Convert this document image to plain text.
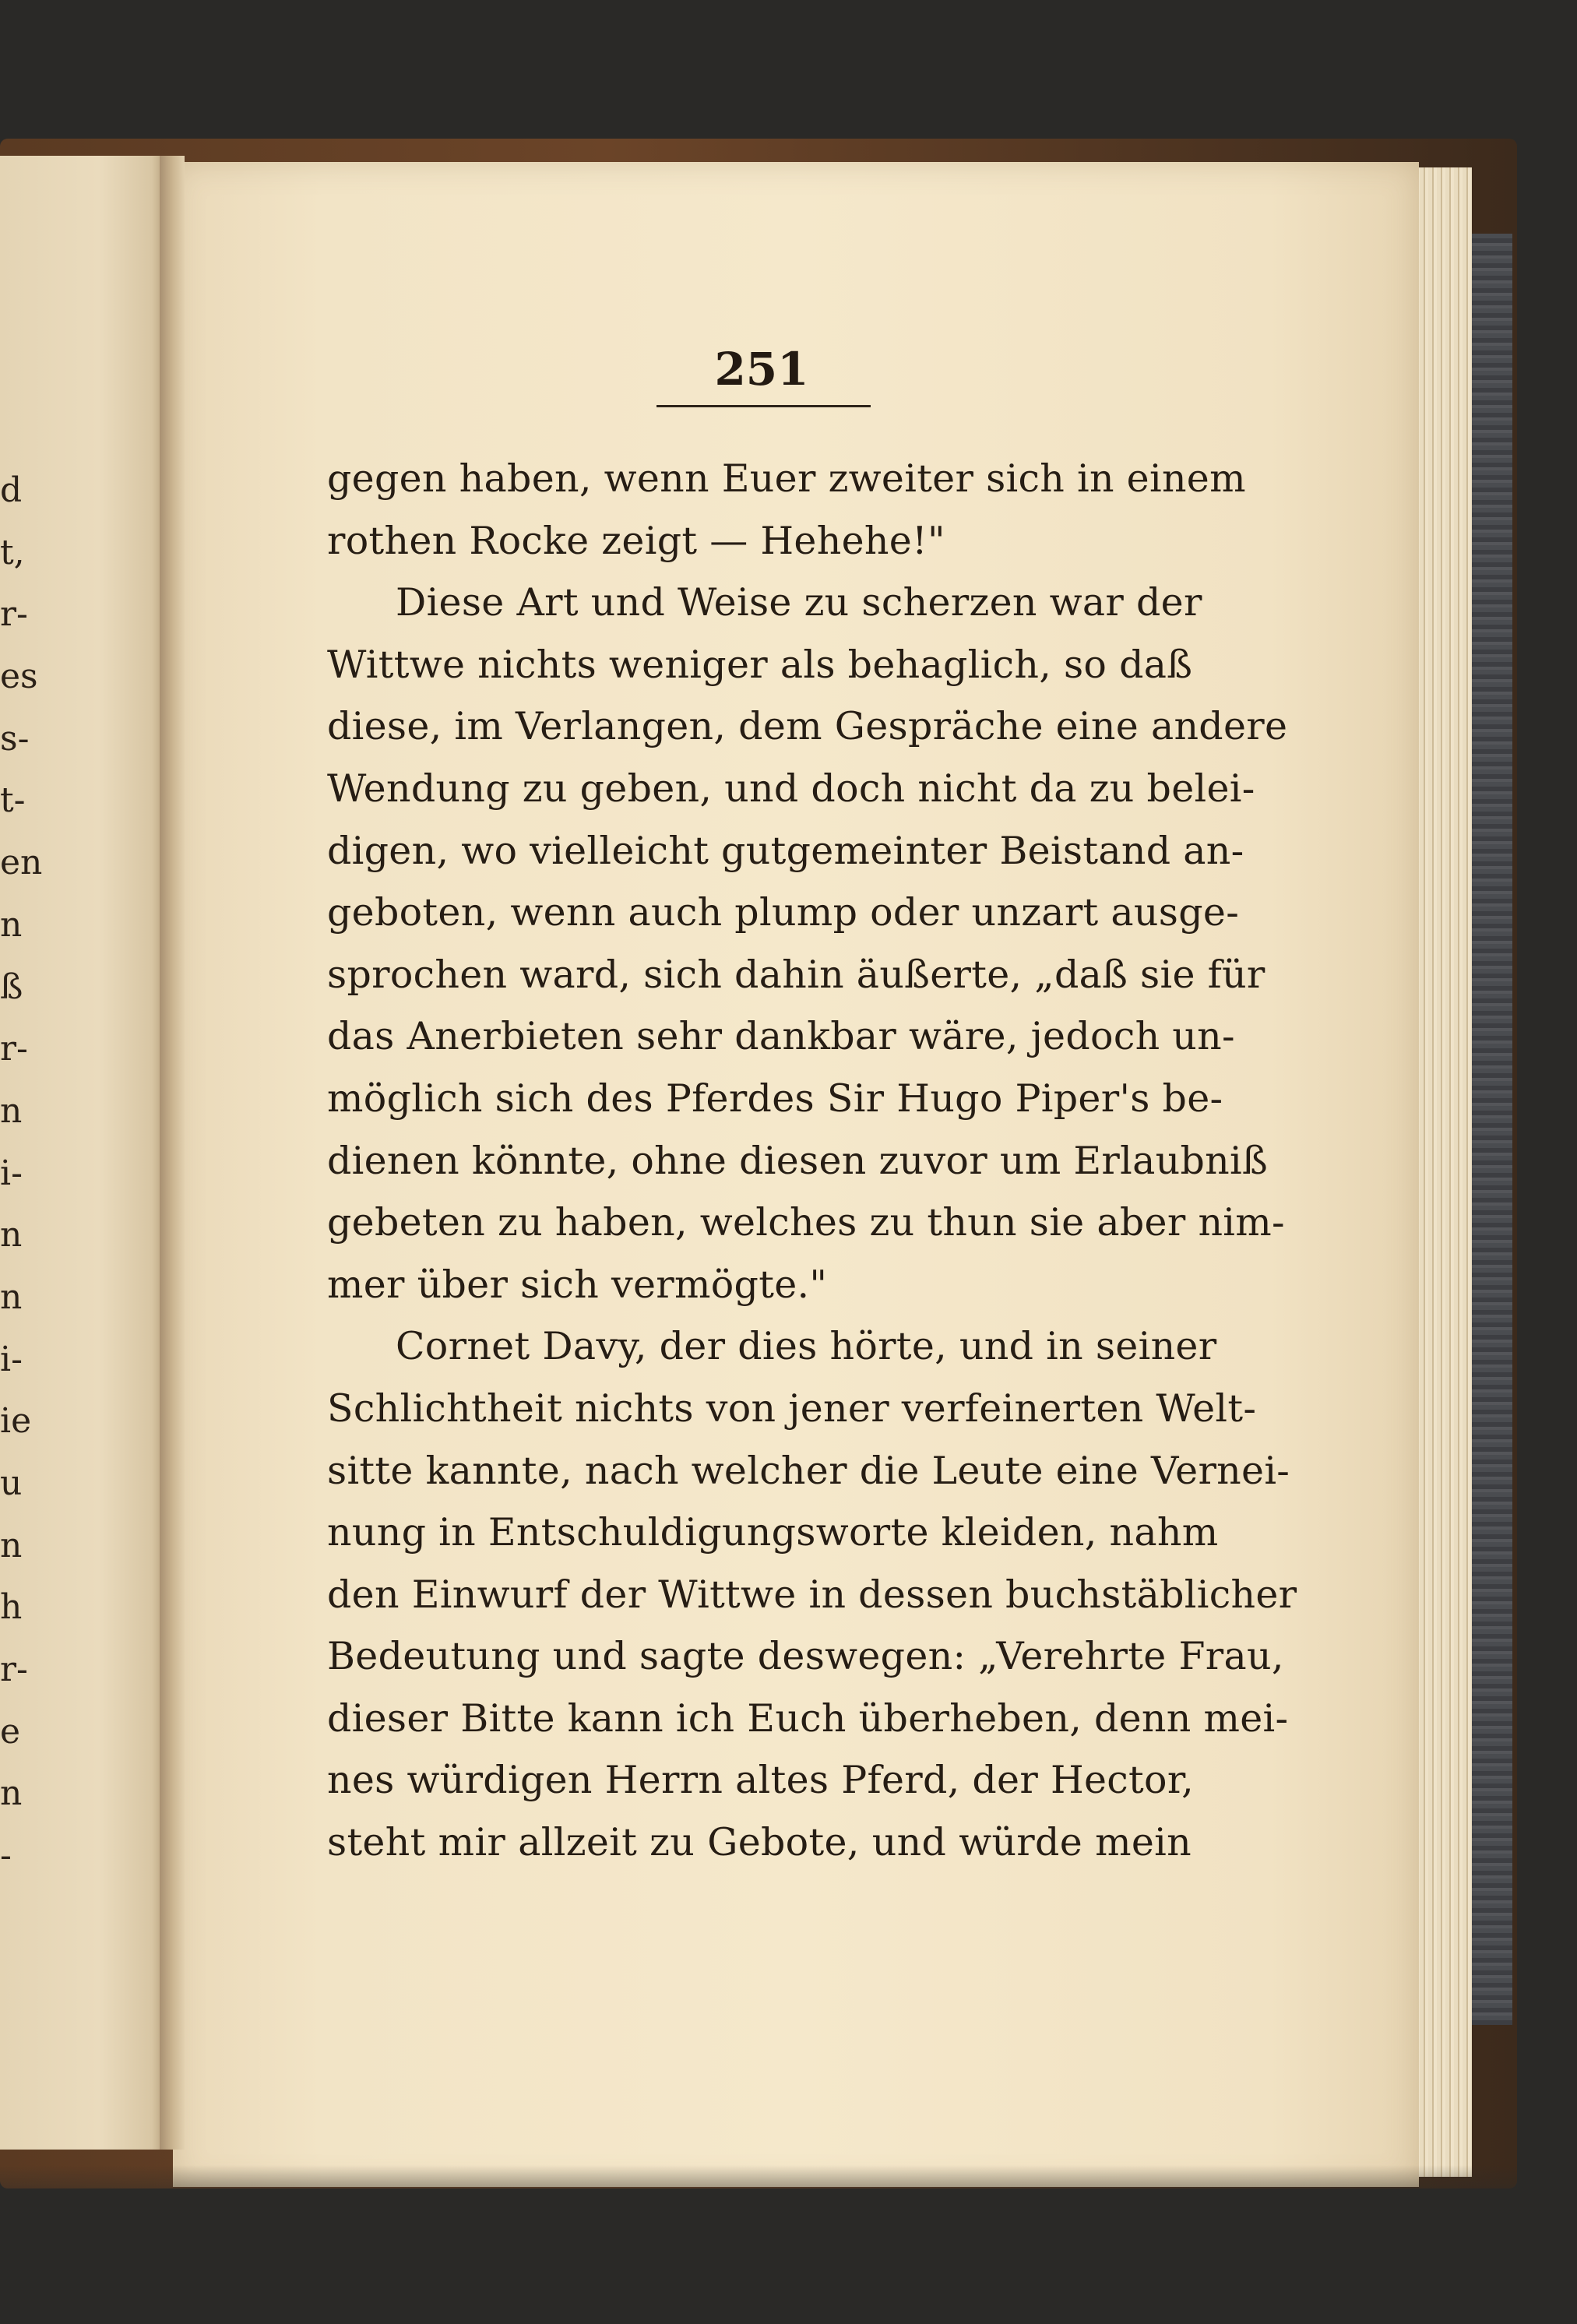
d
t,
r-
es
s-
t-
en
n
ß
r-
n
i-
n
n
i-
ie
u
n
h
r-
e
n
-
251
gegen haben, wenn Euer zweiter sich in einem
rothen Rocke zeigt — Hehehe!"
Diese Art und Weise zu scherzen war der
Wittwe nichts weniger als behaglich, so daß
diese, im Verlangen, dem Gespräche eine andere
Wendung zu geben, und doch nicht da zu belei-
digen, wo vielleicht gutgemeinter Beistand an-
geboten, wenn auch plump oder unzart ausge-
sprochen ward, sich dahin äußerte, „daß sie für
das Anerbieten sehr dankbar wäre, jedoch un-
möglich sich des Pferdes Sir Hugo Piper's be-
dienen könnte, ohne diesen zuvor um Erlaubniß
gebeten zu haben, welches zu thun sie aber nim-
mer über sich vermögte."
Cornet Davy, der dies hörte, und in seiner
Schlichtheit nichts von jener verfeinerten Welt-
sitte kannte, nach welcher die Leute eine Vernei-
nung in Entschuldigungsworte kleiden, nahm
den Einwurf der Wittwe in dessen buchstäblicher
Bedeutung und sagte deswegen: „Verehrte Frau,
dieser Bitte kann ich Euch überheben, denn mei-
nes würdigen Herrn altes Pferd, der Hector,
steht mir allzeit zu Gebote, und würde mein
